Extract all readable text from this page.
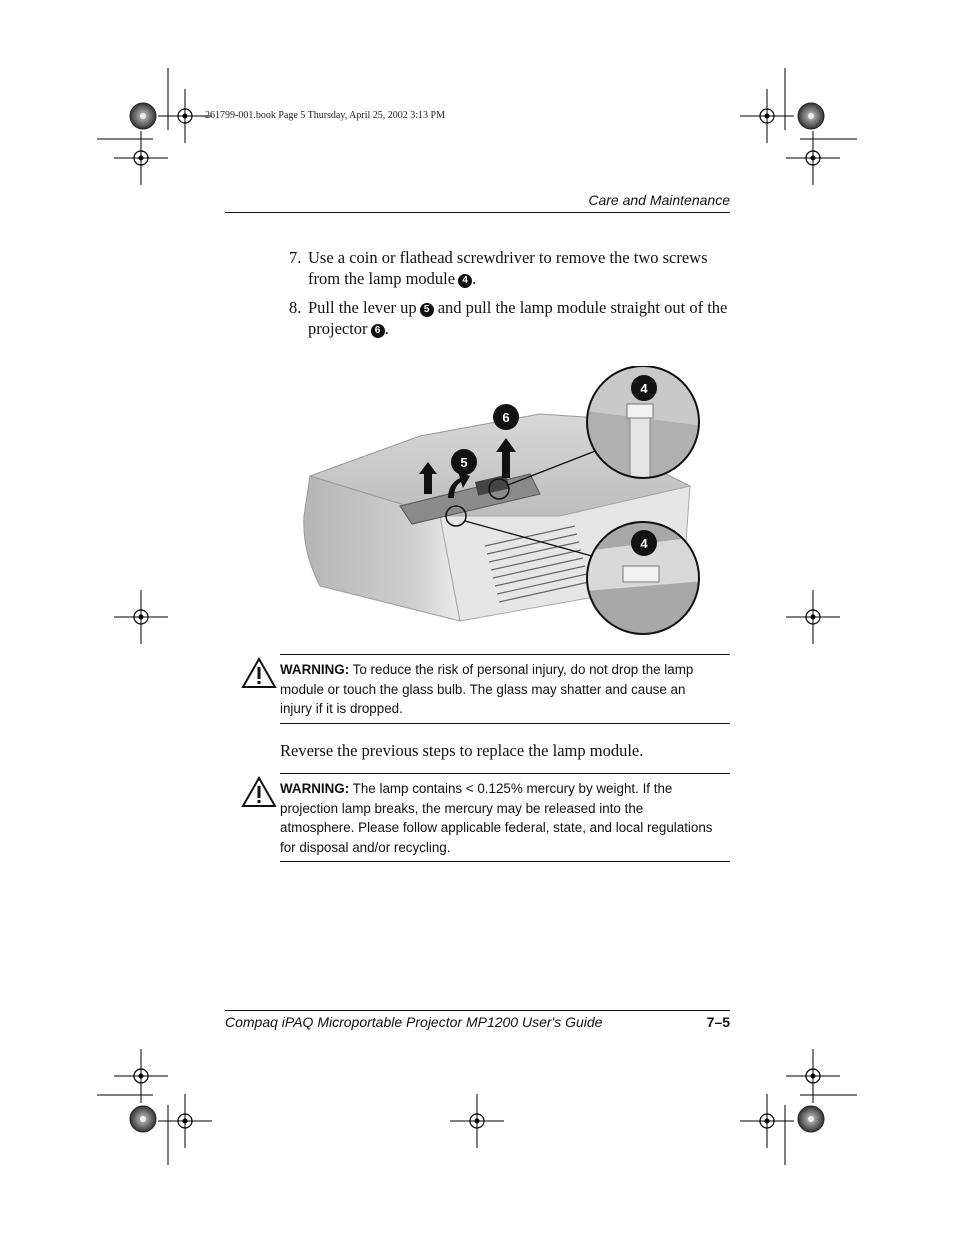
261799-001.book Page 5 Thursday, April 25, 2002 3:13 PM
Care and Maintenance
7. Use a coin or flathead screwdriver to remove the two screws from the lamp module 4 .
8. Pull the lever up 5 and pull the lamp module straight out of the projector 6 .
4
6
5
4
WARNING: To reduce the risk of personal injury, do not drop the lamp module or touch the glass bulb. The glass may shatter and cause an injury if it is dropped.
Reverse the previous steps to replace the lamp module.
WARNING: The lamp contains < 0.125% mercury by weight. If the projection lamp breaks, the mercury may be released into the atmosphere. Please follow applicable federal, state, and local regulations for disposal and/or recycling.
Compaq iPAQ Microportable Projector MP1200 User's Guide	7–5
